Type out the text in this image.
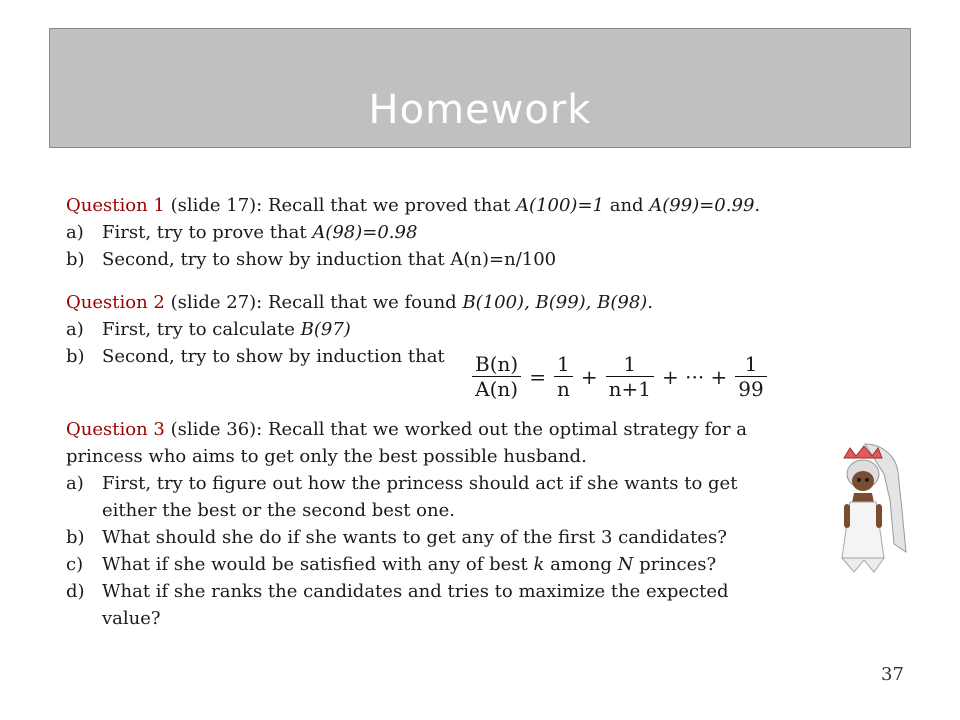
Homework
Question 1 (slide 17): Recall that we proved that A(100)=1 and A(99)=0.99.
a) First, try to prove that A(98)=0.98
b) Second, try to show by induction that A(n)=n/100
Question 2 (slide 27): Recall that we found B(100), B(99), B(98).
a) First, try to calculate B(97)
b) Second, try to show by induction that
Question 3 (slide 36): Recall that we worked out the optimal strategy for a princess who aims to get only the best possible husband.
a) First, try to figure out how the princess should act if she wants to get either the best or the second best one.
b) What should she do if she wants to get any of the first 3 candidates?
c) What if she would be satisfied with any of best k among N princes?
d) What if she ranks the candidates and tries to maximize the expected value?
$\frac{B(n)}{A(n)} = \frac{1}{n} + \frac{1}{n+1}$ + ··· + $\frac{1}{99}$
37
